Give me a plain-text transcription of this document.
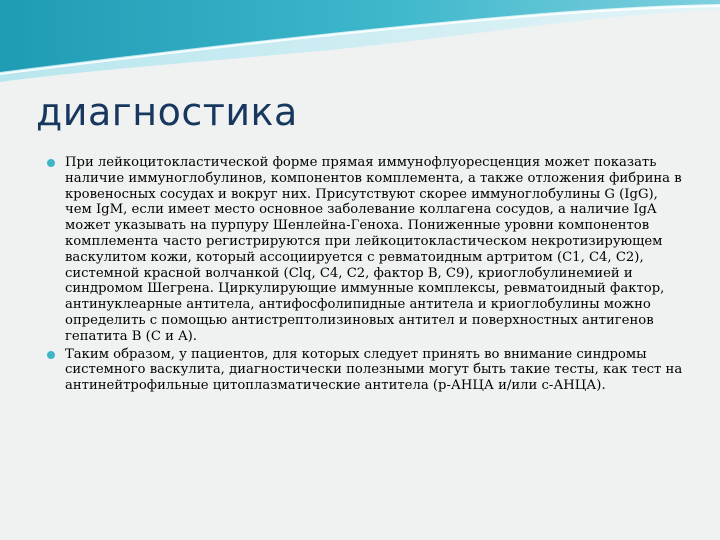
диагностика
При лейкоцитокластической форме прямая иммунофлуоресценция может показать наличие иммуноглобулинов, компонентов комплемента, а также отложения фибрина в кровеносных сосудах и вокруг них. Присутствуют скорее иммуноглобулины G (IgG), чем IgM, если имеет место основное заболевание коллагена сосудов, а наличие IgA может указывать на пурпуру Шенлейна-Геноха. Пониженные уровни компонентов комплемента часто регистрируются при лейкоцитокластическом некротизирующем васкулитом кожи, который ассоциируется с ревматоидным артритом (C1, C4, C2), системной красной волчанкой (Clq, C4, C2, фактор B, C9), криоглобулинемией и синдромом Шегрена. Циркулирующие иммунные комплексы, ревматоидный фактор, антинуклеарные антитела, антифосфолипидные антитела и криоглобулины можно определить с помощью антистрептолизиновых антител и поверхностных антигенов гепатита B (C и A).
Таким образом, у пациентов, для которых следует принять во внимание синдромы системного васкулита, диагностически полезными могут быть такие тесты, как тест на антинейтрофильные цитоплазматические антитела (p-АНЦА и/или c-АНЦА).
